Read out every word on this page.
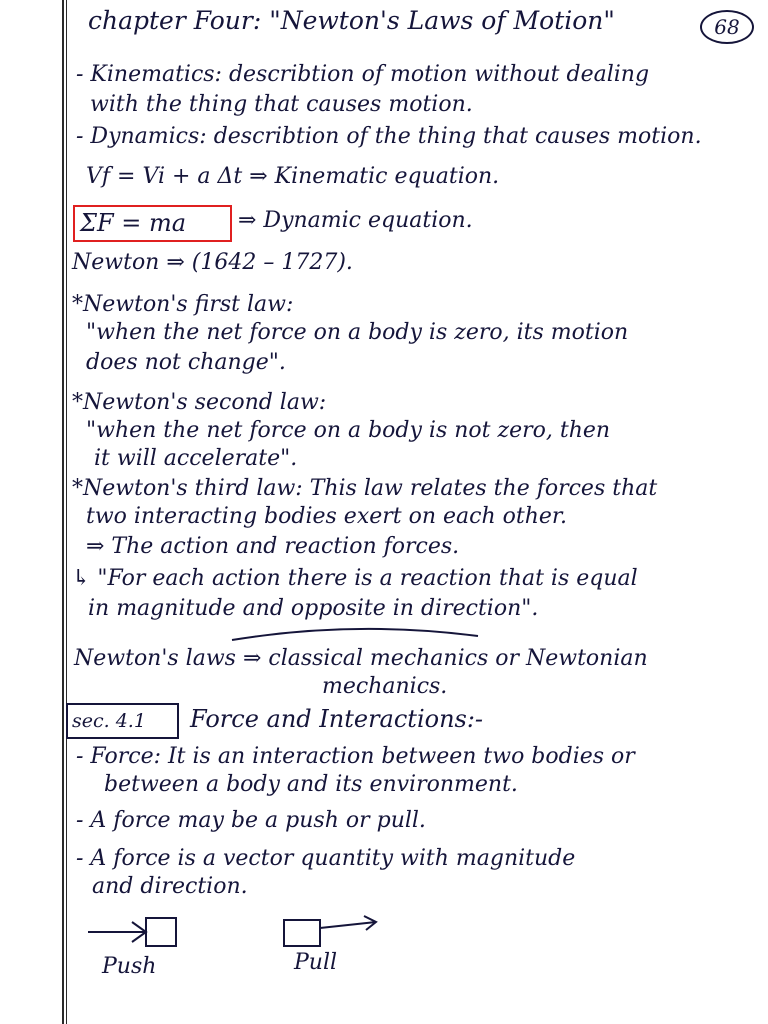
chapter Four: "Newton's Laws of Motion"	68
- Kinematics: describtion of motion without dealing
with the thing that causes motion.
- Dynamics: describtion of the thing that causes motion.
Vf = Vi + a Δt ⇒ Kinematic equation.
ΣF = ma ⇒ Dynamic equation.
Newton ⇒ (1642 – 1727).
*Newton's first law:
"when the net force on a body is zero, its motion
does not change".
*Newton's second law:
"when the net force on a body is not zero, then
it will accelerate".
*Newton's third law: This law relates the forces that
two interacting bodies exert on each other.
⇒ The action and reaction forces.
↳ "For each action there is a reaction that is equal
in magnitude and opposite in direction".
Newton's laws ⇒ classical mechanics or Newtonian
mechanics.
sec. 4.1 Force and Interactions:-
- Force: It is an interaction between two bodies or
between a body and its environment.
- A force may be a push or pull.
- A force is a vector quantity with magnitude
and direction.
Push	Pull
